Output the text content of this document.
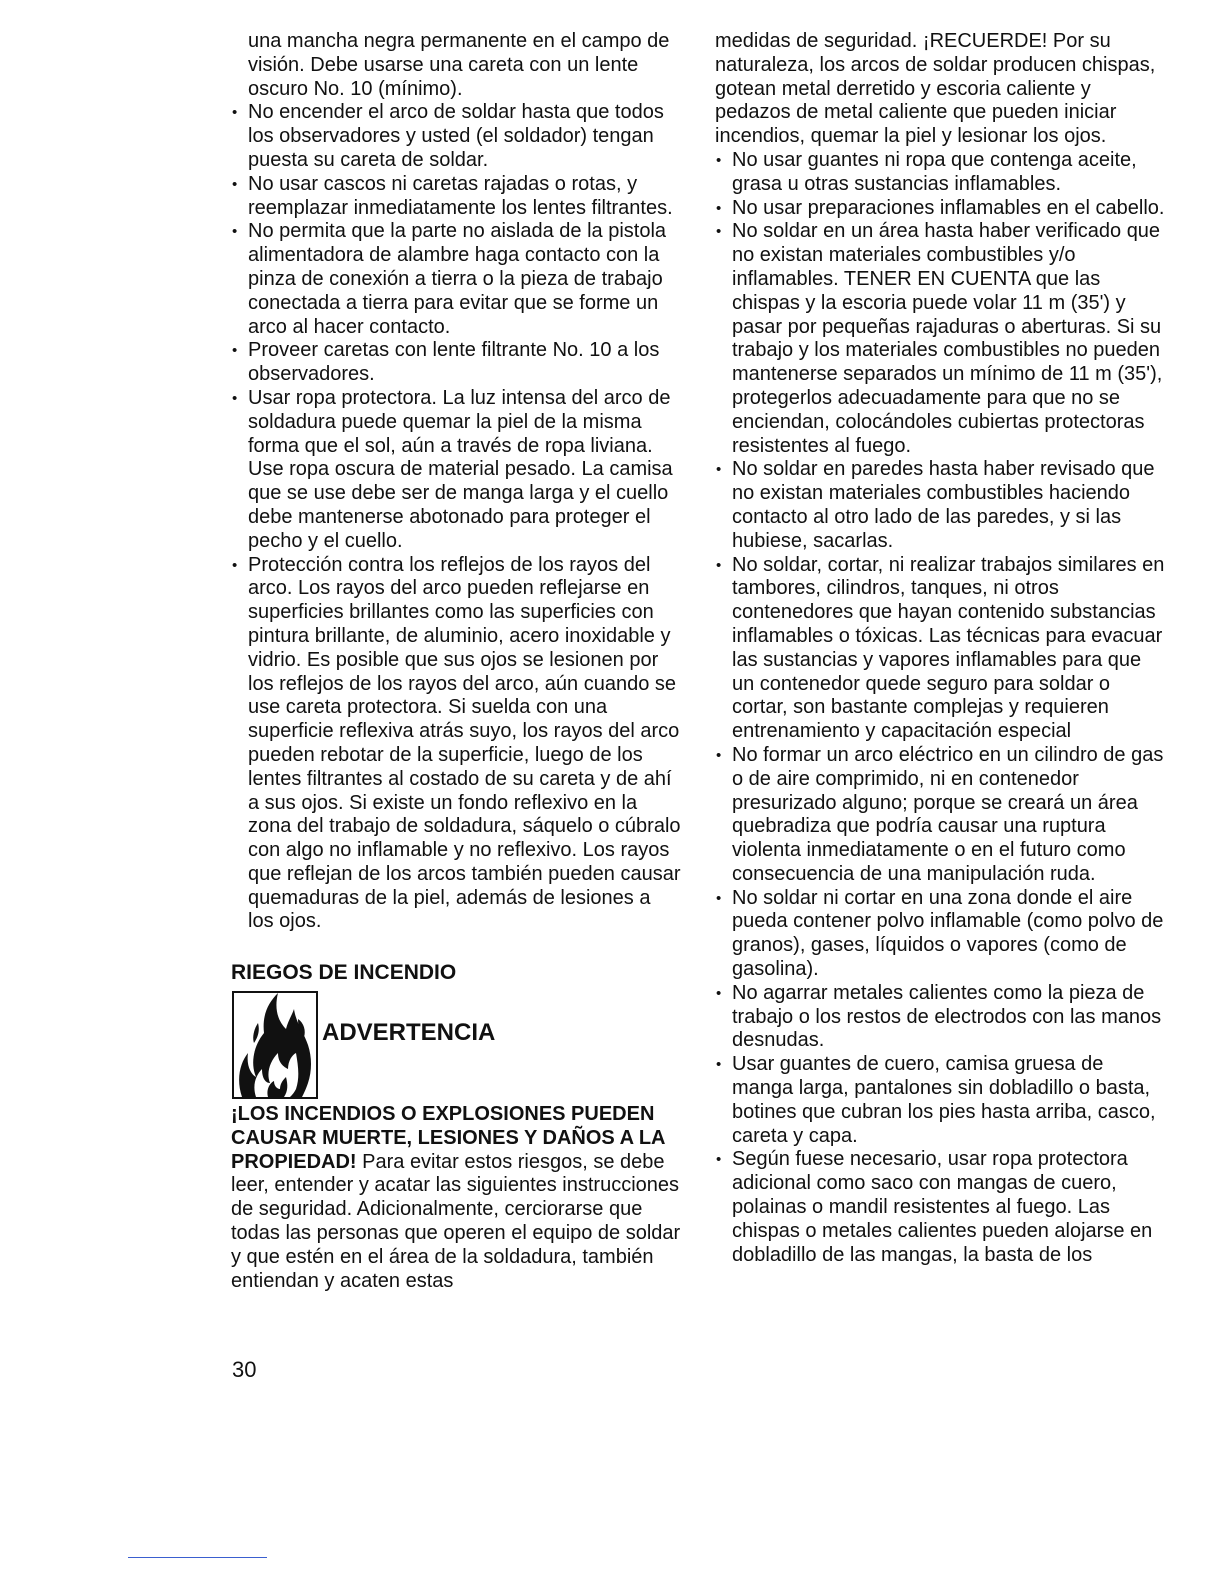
una mancha negra permanente en el campo de visión. Debe usarse una careta con un lente oscuro No. 10 (mínimo).

• No encender el arco de soldar hasta que todos los observadores y usted (el soldador) tengan puesta su careta de soldar.
• No usar cascos ni caretas rajadas o rotas, y reemplazar inmediatamente los lentes filtrantes.
• No permita que la parte no aislada de la pistola alimentadora de alambre haga contacto con la pinza de conexión a tierra o la pieza de trabajo conectada a tierra para evitar que se forme un arco al hacer contacto.
• Proveer caretas con lente filtrante No. 10 a los observadores.
• Usar ropa protectora. La luz intensa del arco de soldadura puede quemar la piel de la misma forma que el sol, aún a través de ropa liviana. Use ropa oscura de material pesado. La camisa que se use debe ser de manga larga y el cuello debe mantenerse abotonado para proteger el pecho y el cuello.
• Protección contra los reflejos de los rayos del arco. Los rayos del arco pueden reflejarse en superficies brillantes como las superficies con pintura brillante, de aluminio, acero inoxidable y vidrio. Es posible que sus ojos se lesionen por los reflejos de los rayos del arco, aún cuando se use careta protectora. Si suelda con una superficie reflexiva atrás suyo, los rayos del arco pueden rebotar de la superficie, luego de los lentes filtrantes al costado de su careta y de ahí a sus ojos. Si existe un fondo reflexivo en la zona del trabajo de soldadura, sáquelo o cúbralo con algo no inflamable y no reflexivo. Los rayos que reflejan de los arcos también pueden causar quemaduras de la piel, además de lesiones a los ojos.
RIEGOS DE INCENDIO
ADVERTENCIA

¡LOS INCENDIOS O EXPLOSIONES PUEDEN CAUSAR MUERTE, LESIONES Y DAÑOS A LA PROPIEDAD! Para evitar estos riesgos, se debe leer, entender y acatar las siguientes instrucciones de seguridad. Adicionalmente, cerciorarse que todas las personas que operen el equipo de soldar y que estén en el área de la soldadura, también entiendan y acaten estas

medidas de seguridad. ¡RECUERDE! Por su naturaleza, los arcos de soldar producen chispas, gotean metal derretido y escoria caliente y pedazos de metal caliente que pueden iniciar incendios, quemar la piel y lesionar los ojos.

• No usar guantes ni ropa que contenga aceite, grasa u otras sustancias inflamables.
• No usar preparaciones inflamables en el cabello.
• No soldar en un área hasta haber verificado que no existan materiales combustibles y/o inflamables. TENER EN CUENTA que las chispas y la escoria puede volar 11 m (35') y pasar por pequeñas rajaduras o aberturas. Si su trabajo y los materiales combustibles no pueden mantenerse separados un mínimo de 11 m (35'), protegerlos adecuadamente para que no se enciendan, colocándoles cubiertas protectoras resistentes al fuego.
• No soldar en paredes hasta haber revisado que no existan materiales combustibles haciendo contacto al otro lado de las paredes, y si las hubiese, sacarlas.
• No soldar, cortar, ni realizar trabajos similares en tambores, cilindros, tanques, ni otros contenedores que hayan contenido substancias inflamables o tóxicas. Las técnicas para evacuar las sustancias y vapores inflamables para que un contenedor quede seguro para soldar o cortar, son bastante complejas y requieren entrenamiento y capacitación especial
• No formar un arco eléctrico en un cilindro de gas o de aire comprimido, ni en contenedor presurizado alguno; porque se creará un área quebradiza que podría causar una ruptura violenta inmediatamente o en el futuro como consecuencia de una manipulación ruda.
• No soldar ni cortar en una zona donde el aire pueda contener polvo inflamable (como polvo de granos), gases, líquidos o vapores (como de gasolina).
• No agarrar metales calientes como la pieza de trabajo o los restos de electrodos con las manos desnudas.
• Usar guantes de cuero, camisa gruesa de manga larga, pantalones sin dobladillo o basta, botines que cubran los pies hasta arriba, casco, careta y capa.
• Según fuese necesario, usar ropa protectora adicional como saco con mangas de cuero, polainas o mandil resistentes al fuego. Las chispas o metales calientes pueden alojarse en dobladillo de las mangas, la basta de los
30
